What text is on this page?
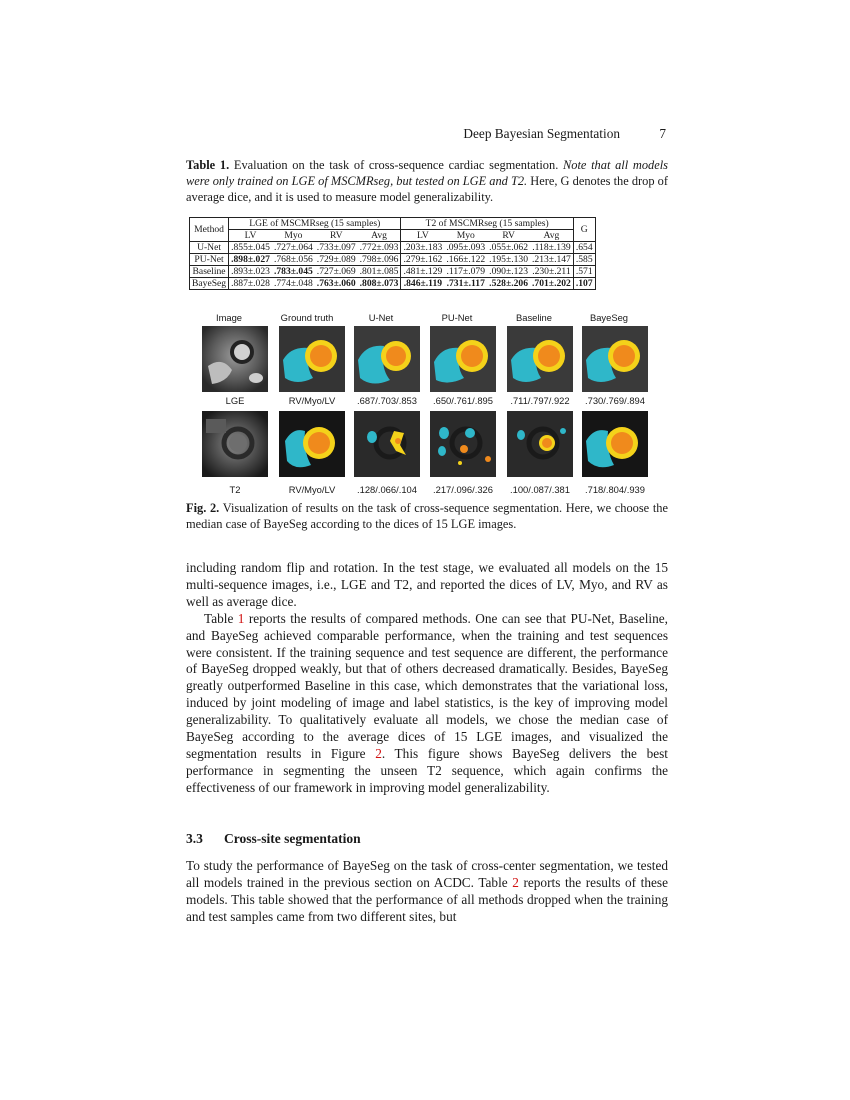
Deep Bayesian Segmentation	7
Table 1. Evaluation on the task of cross-sequence cardiac segmentation. Note that all models were only trained on LGE of MSCMRseg, but tested on LGE and T2. Here, G denotes the drop of average dice, and it is used to measure model generalizability.
Method	LGE of MSCMRseg (15 samples)				T2 of MSCMRseg (15 samples)				G
	LV	Myo	RV	Avg	LV	Myo	RV	Avg	
U-Net	.855±.045	.727±.064	.733±.097	.772±.093	.203±.183	.095±.093	.055±.062	.118±.139	.654
PU-Net	.898±.027	.768±.056	.729±.089	.798±.096	.279±.162	.166±.122	.195±.130	.213±.147	.585
Baseline	.893±.023	.783±.045	.727±.069	.801±.085	.481±.129	.117±.079	.090±.123	.230±.211	.571
BayeSeg	.887±.028	.774±.048	.763±.060	.808±.073	.846±.119	.731±.117	.528±.206	.701±.202	.107
Image	Ground truth	U-Net	PU-Net	Baseline	BayeSeg
LGE	RV/Myo/LV	.687/.703/.853	.650/.761/.895	.711/.797/.922	.730/.769/.894
T2	RV/Myo/LV	.128/.066/.104	.217/.096/.326	.100/.087/.381	.718/.804/.939
Fig. 2. Visualization of results on the task of cross-sequence segmentation. Here, we choose the median case of BayeSeg according to the dices of 15 LGE images.

including random flip and rotation. In the test stage, we evaluated all models on the 15 multi-sequence images, i.e., LGE and T2, and reported the dices of LV, Myo, and RV as well as average dice.

Table 1 reports the results of compared methods. One can see that PU-Net, Baseline, and BayeSeg achieved comparable performance, when the training and test sequences were consistent. If the training sequence and test sequence are different, the performance of BayeSeg dropped weakly, but that of others decreased dramatically. Besides, BayeSeg greatly outperformed Baseline in this case, which demonstrates that the variational loss, induced by joint modeling of image and label statistics, is the key of improving model generalizability. To qualitatively evaluate all models, we chose the median case of BayeSeg according to the average dices of 15 LGE images, and visualized the segmentation results in Figure 2. This figure shows BayeSeg delivers the best performance in segmenting the unseen T2 sequence, which again confirms the effectiveness of our framework in improving model generalizability.

3.3 Cross-site segmentation

To study the performance of BayeSeg on the task of cross-center segmentation, we tested all models trained in the previous section on ACDC. Table 2 reports the results of these models. This table showed that the performance of all methods dropped when the training and test samples came from two different sites, but
